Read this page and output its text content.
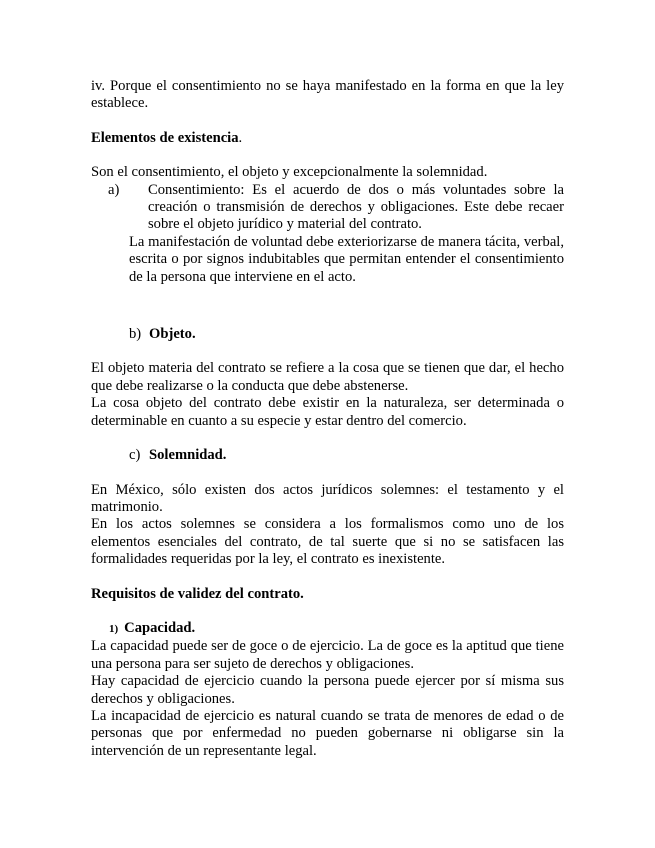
iv. Porque el consentimiento no se haya manifestado en la forma en que la ley establece.

Elementos de existencia.

Son el consentimiento, el objeto y excepcionalmente la solemnidad.

a) Consentimiento: Es el acuerdo de dos o más voluntades sobre la creación o transmisión de derechos y obligaciones. Este debe recaer sobre el objeto jurídico y material del contrato.

La manifestación de voluntad debe exteriorizarse de manera tácita, verbal, escrita o por signos indubitables que permitan entender el consentimiento de la persona que interviene en el acto.

b) Objeto.

El objeto materia del contrato se refiere a la cosa que se tienen que dar, el hecho que debe realizarse o la conducta que debe abstenerse.

La cosa objeto del contrato debe existir en la naturaleza, ser determinada o determinable en cuanto a su especie y estar dentro del comercio.

c) Solemnidad.

En México, sólo existen dos actos jurídicos solemnes: el testamento y el matrimonio.

En los actos solemnes se considera a los formalismos como uno de los elementos esenciales del contrato, de tal suerte que si no se satisfacen las formalidades requeridas por la ley, el contrato es inexistente.

Requisitos de validez del contrato.

1) Capacidad.

La capacidad puede ser de goce o de ejercicio. La de goce es la aptitud que tiene una persona para ser sujeto de derechos y obligaciones.

Hay capacidad de ejercicio cuando la persona puede ejercer por sí misma sus derechos y obligaciones.

La incapacidad de ejercicio es natural cuando se trata de menores de edad o de personas que por enfermedad no pueden gobernarse ni obligarse sin la intervención de un representante legal.
